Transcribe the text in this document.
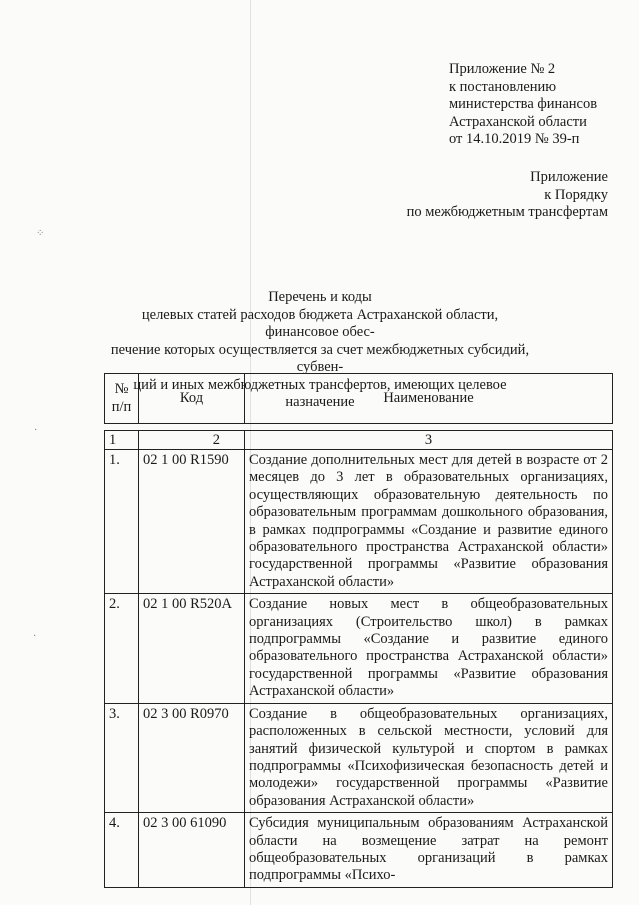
⁘
·
·
Приложение № 2
к постановлению
министерства финансов
Астраханской области
от 14.10.2019 № 39-п
Приложение
к Порядку
по межбюджетным трансфертам
Перечень и коды
целевых статей расходов бюджета Астраханской области, финансовое обес-
печение которых осуществляется за счет межбюджетных субсидий, субвен-
ций и иных межбюджетных трансфертов, имеющих целевое назначение
№ п/п	Код	Наименование

1	2	3
1.	02 1 00 R1590	Создание дополнительных мест для детей в возрасте от 2 месяцев до 3 лет в образовательных организациях, осуществляющих образовательную деятельность по образовательным программам дошкольного образования, в рамках подпрограммы «Создание и развитие единого образовательного пространства Астраханской области» государственной программы «Развитие образования Астраханской области»
2.	02 1 00 R520A	Создание новых мест в общеобразовательных организациях (Строительство школ) в рамках подпрограммы «Создание и развитие единого образовательного пространства Астраханской области» государственной программы «Развитие образования Астраханской области»
3.	02 3 00 R0970	Создание в общеобразовательных организациях, расположенных в сельской местности, условий для занятий физической культурой и спортом в рамках подпрограммы «Психофизическая безопасность детей и молодежи» государственной программы «Развитие образования Астраханской области»
4.	02 3 00 61090	Субсидия муниципальным образованиям Астраханской области на возмещение затрат на ремонт общеобразовательных организаций в рамках подпрограммы «Психо-
